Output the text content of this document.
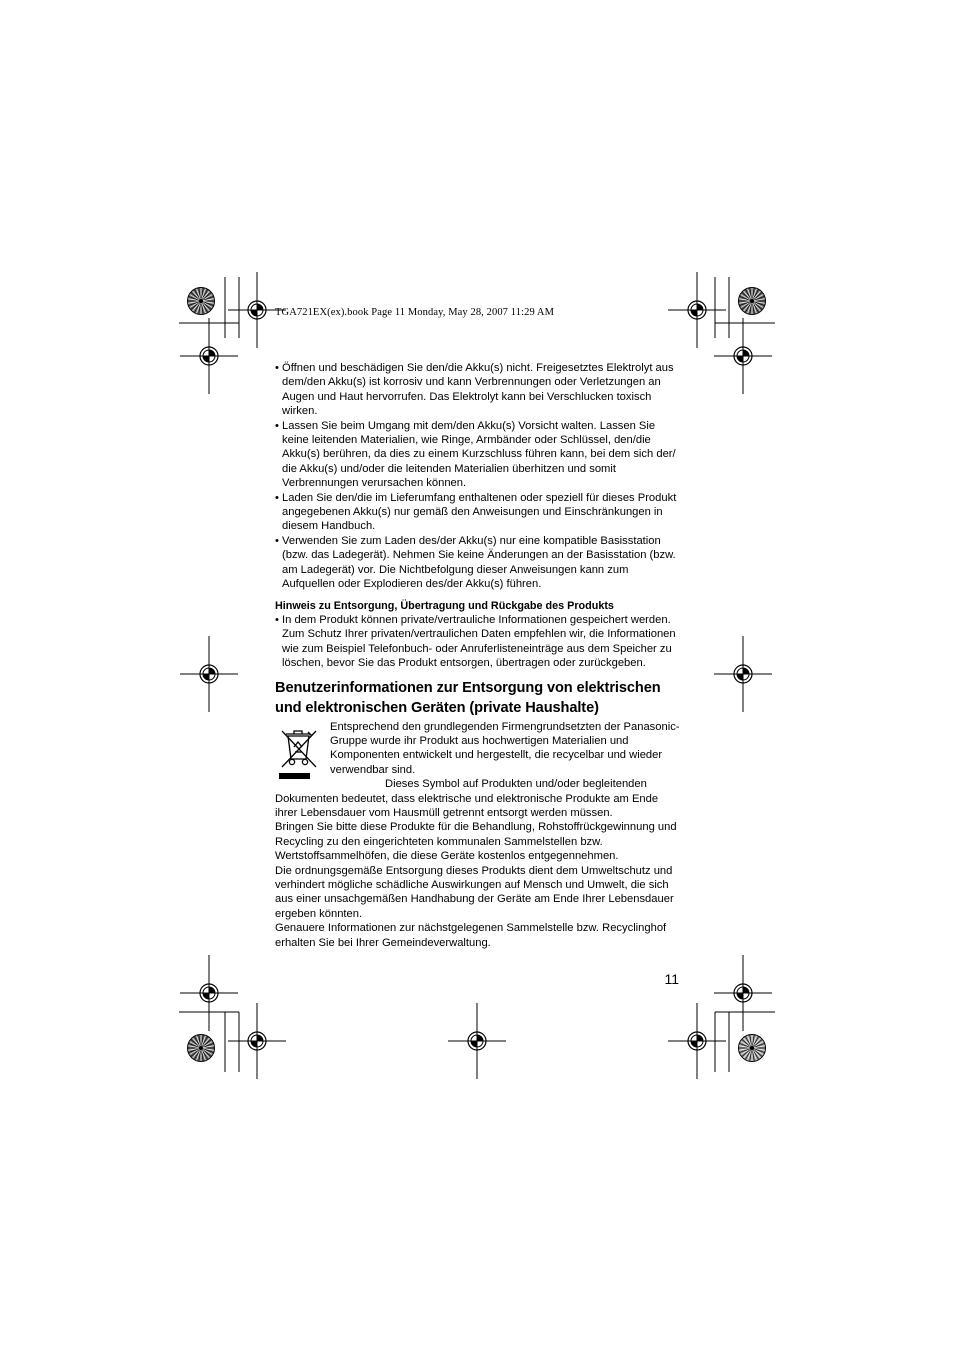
TGA721EX(ex).book Page 11 Monday, May 28, 2007 11:29 AM
• Öffnen und beschädigen Sie den/die Akku(s) nicht. Freigesetztes Elektrolyt aus dem/den Akku(s) ist korrosiv und kann Verbrennungen oder Verletzungen an Augen und Haut hervorrufen. Das Elektrolyt kann bei Verschlucken toxisch wirken.
• Lassen Sie beim Umgang mit dem/den Akku(s) Vorsicht walten. Lassen Sie keine leitenden Materialien, wie Ringe, Armbänder oder Schlüssel, den/die Akku(s) berühren, da dies zu einem Kurzschluss führen kann, bei dem sich der/ die Akku(s) und/oder die leitenden Materialien überhitzen und somit Verbrennungen verursachen können.
• Laden Sie den/die im Lieferumfang enthaltenen oder speziell für dieses Produkt angegebenen Akku(s) nur gemäß den Anweisungen und Einschränkungen in diesem Handbuch.
• Verwenden Sie zum Laden des/der Akku(s) nur eine kompatible Basisstation (bzw. das Ladegerät). Nehmen Sie keine Änderungen an der Basisstation (bzw. am Ladegerät) vor. Die Nichtbefolgung dieser Anweisungen kann zum Aufquellen oder Explodieren des/der Akku(s) führen.
Hinweis zu Entsorgung, Übertragung und Rückgabe des Produkts
• In dem Produkt können private/vertrauliche Informationen gespeichert werden. Zum Schutz Ihrer privaten/vertraulichen Daten empfehlen wir, die Informationen wie zum Beispiel Telefonbuch- oder Anruferlisteneinträge aus dem Speicher zu löschen, bevor Sie das Produkt entsorgen, übertragen oder zurückgeben.
Benutzerinformationen zur Entsorgung von elektrischen und elektronischen Geräten (private Haushalte)

Entsprechend den grundlegenden Firmengrundsetzten der Panasonic-Gruppe wurde ihr Produkt aus hochwertigen Materialien und Komponenten entwickelt und hergestellt, die recycelbar und wieder verwendbar sind.

Dieses Symbol auf Produkten und/oder begleitenden Dokumenten bedeutet, dass elektrische und elektronische Produkte am Ende ihrer Lebensdauer vom Hausmüll getrennt entsorgt werden müssen.

Bringen Sie bitte diese Produkte für die Behandlung, Rohstoffrückgewinnung und Recycling zu den eingerichteten kommunalen Sammelstellen bzw. Wertstoffsammelhöfen, die diese Geräte kostenlos entgegennehmen.

Die ordnungsgemäße Entsorgung dieses Produkts dient dem Umweltschutz und verhindert mögliche schädliche Auswirkungen auf Mensch und Umwelt, die sich aus einer unsachgemäßen Handhabung der Geräte am Ende Ihrer Lebensdauer ergeben könnten.

Genauere Informationen zur nächstgelegenen Sammelstelle bzw. Recyclinghof erhalten Sie bei Ihrer Gemeindeverwaltung.

11
